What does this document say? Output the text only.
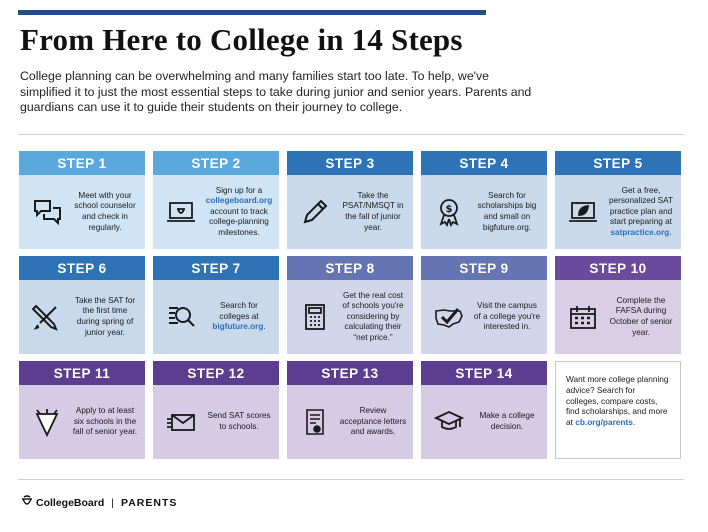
From Here to College in 14 Steps

College planning can be overwhelming and many families start too late. To help, we've simplified it to just the most essential steps to take during junior and senior years. Parents and guardians can use it to guide their students on their journey to college.

STEP 1
Meet with your school counselor and check in regularly.
STEP 2
Sign up for a collegeboard.org account to track college-planning milestones.
STEP 3
Take the PSAT/NMSQT in the fall of junior year.
STEP 4
$
Search for scholarships big and small on bigfuture.org.
STEP 5
Get a free, personalized SAT practice plan and start preparing at satpractice.org.
STEP 6
Take the SAT for the first time during spring of junior year.
STEP 7
Search for colleges at bigfuture.org.
STEP 8
Get the real cost of schools you're considering by calculating their “net price.”
STEP 9
Visit the campus of a college you're interested in.
STEP 10
Complete the FAFSA during October of senior year.
STEP 11
Apply to at least six schools in the fall of senior year.
STEP 12
Send SAT scores to schools.
STEP 13
Review acceptance letters and awards.
STEP 14
Make a college decision.
Want more college planning advice? Search for colleges, compare costs, find scholarships, and more at cb.org/parents.
CollegeBoard | PARENTS
